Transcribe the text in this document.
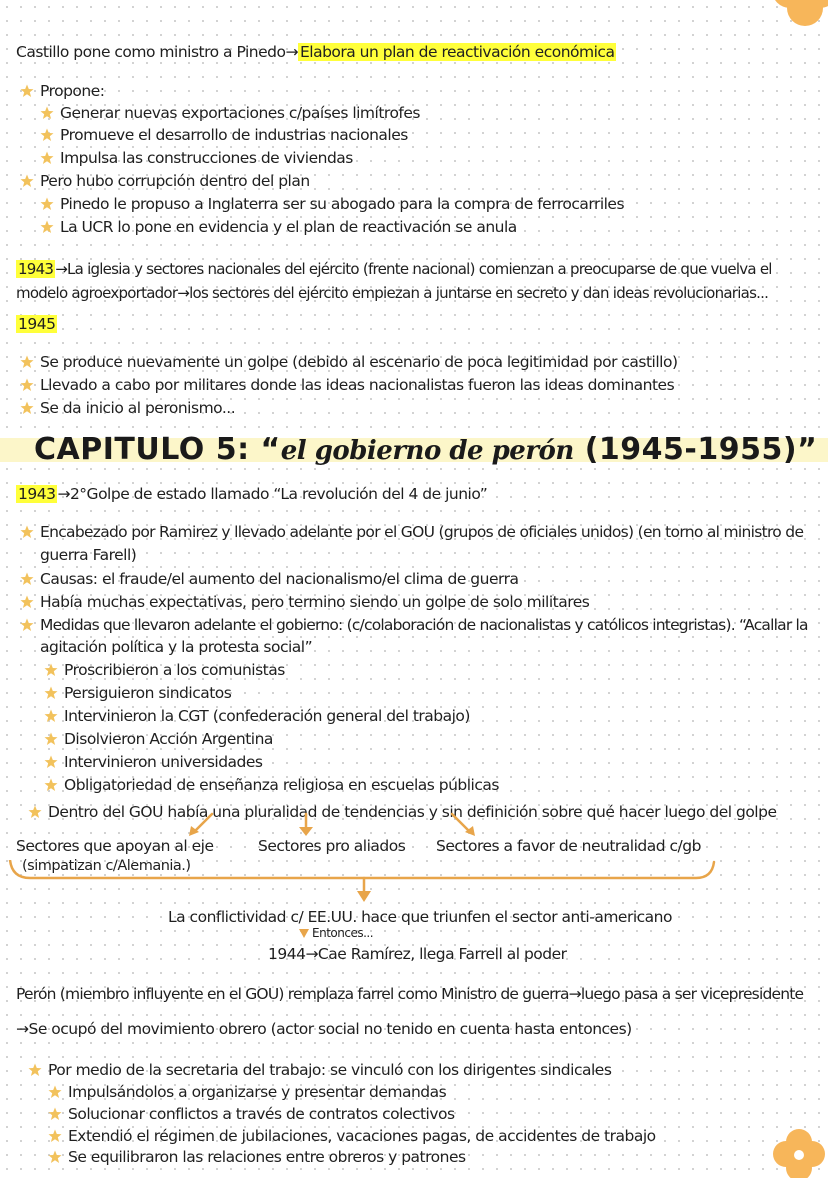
Castillo pone como ministro a Pinedo→ Elabora un plan de reactivación económica
Propone:
Generar nuevas exportaciones c/países limítrofes
Promueve el desarrollo de industrias nacionales
Impulsa las construcciones de viviendas
Pero hubo corrupción dentro del plan
Pinedo le propuso a Inglaterra ser su abogado para la compra de ferrocarriles
La UCR lo pone en evidencia y el plan de reactivación se anula
1943 →La iglesia y sectores nacionales del ejército (frente nacional) comienzan a preocuparse de que vuelva el
modelo agroexportador→los sectores del ejército empiezan a juntarse en secreto y dan ideas revolucionarias...
1945
Se produce nuevamente un golpe (debido al escenario de poca legitimidad por castillo)
Llevado a cabo por militares donde las ideas nacionalistas fueron las ideas dominantes
Se da inicio al peronismo...
CAPITULO 5: “el gobierno de perón (1945-1955)”
1943 →2°Golpe de estado llamado “La revolución del 4 de junio”
Encabezado por Ramirez y llevado adelante por el GOU (grupos de oficiales unidos) (en torno al ministro de
guerra Farell)
Causas: el fraude/el aumento del nacionalismo/el clima de guerra
Había muchas expectativas, pero termino siendo un golpe de solo militares
Medidas que llevaron adelante el gobierno: (c/colaboración de nacionalistas y católicos integristas). “Acallar la
agitación política y la protesta social”
Proscribieron a los comunistas
Persiguieron sindicatos
Intervinieron la CGT (confederación general del trabajo)
Disolvieron Acción Argentina
Intervinieron universidades
Obligatoriedad de enseñanza religiosa en escuelas públicas
Dentro del GOU había una pluralidad de tendencias y sin definición sobre qué hacer luego del golpe
Sectores que apoyan al eje	Sectores pro aliados Sectores a favor de neutralidad c/gb
(simpatizan c/Alemania.)
La conflictividad c/ EE.UU. hace que triunfen el sector anti-americano
Entonces...
1944→Cae Ramírez, llega Farrell al poder
Perón (miembro influyente en el GOU) remplaza farrel como Ministro de guerra→luego pasa a ser vicepresidente
→Se ocupó del movimiento obrero (actor social no tenido en cuenta hasta entonces)
Por medio de la secretaria del trabajo: se vinculó con los dirigentes sindicales
Impulsándolos a organizarse y presentar demandas
Solucionar conflictos a través de contratos colectivos
Extendió el régimen de jubilaciones, vacaciones pagas, de accidentes de trabajo
Se equilibraron las relaciones entre obreros y patrones
